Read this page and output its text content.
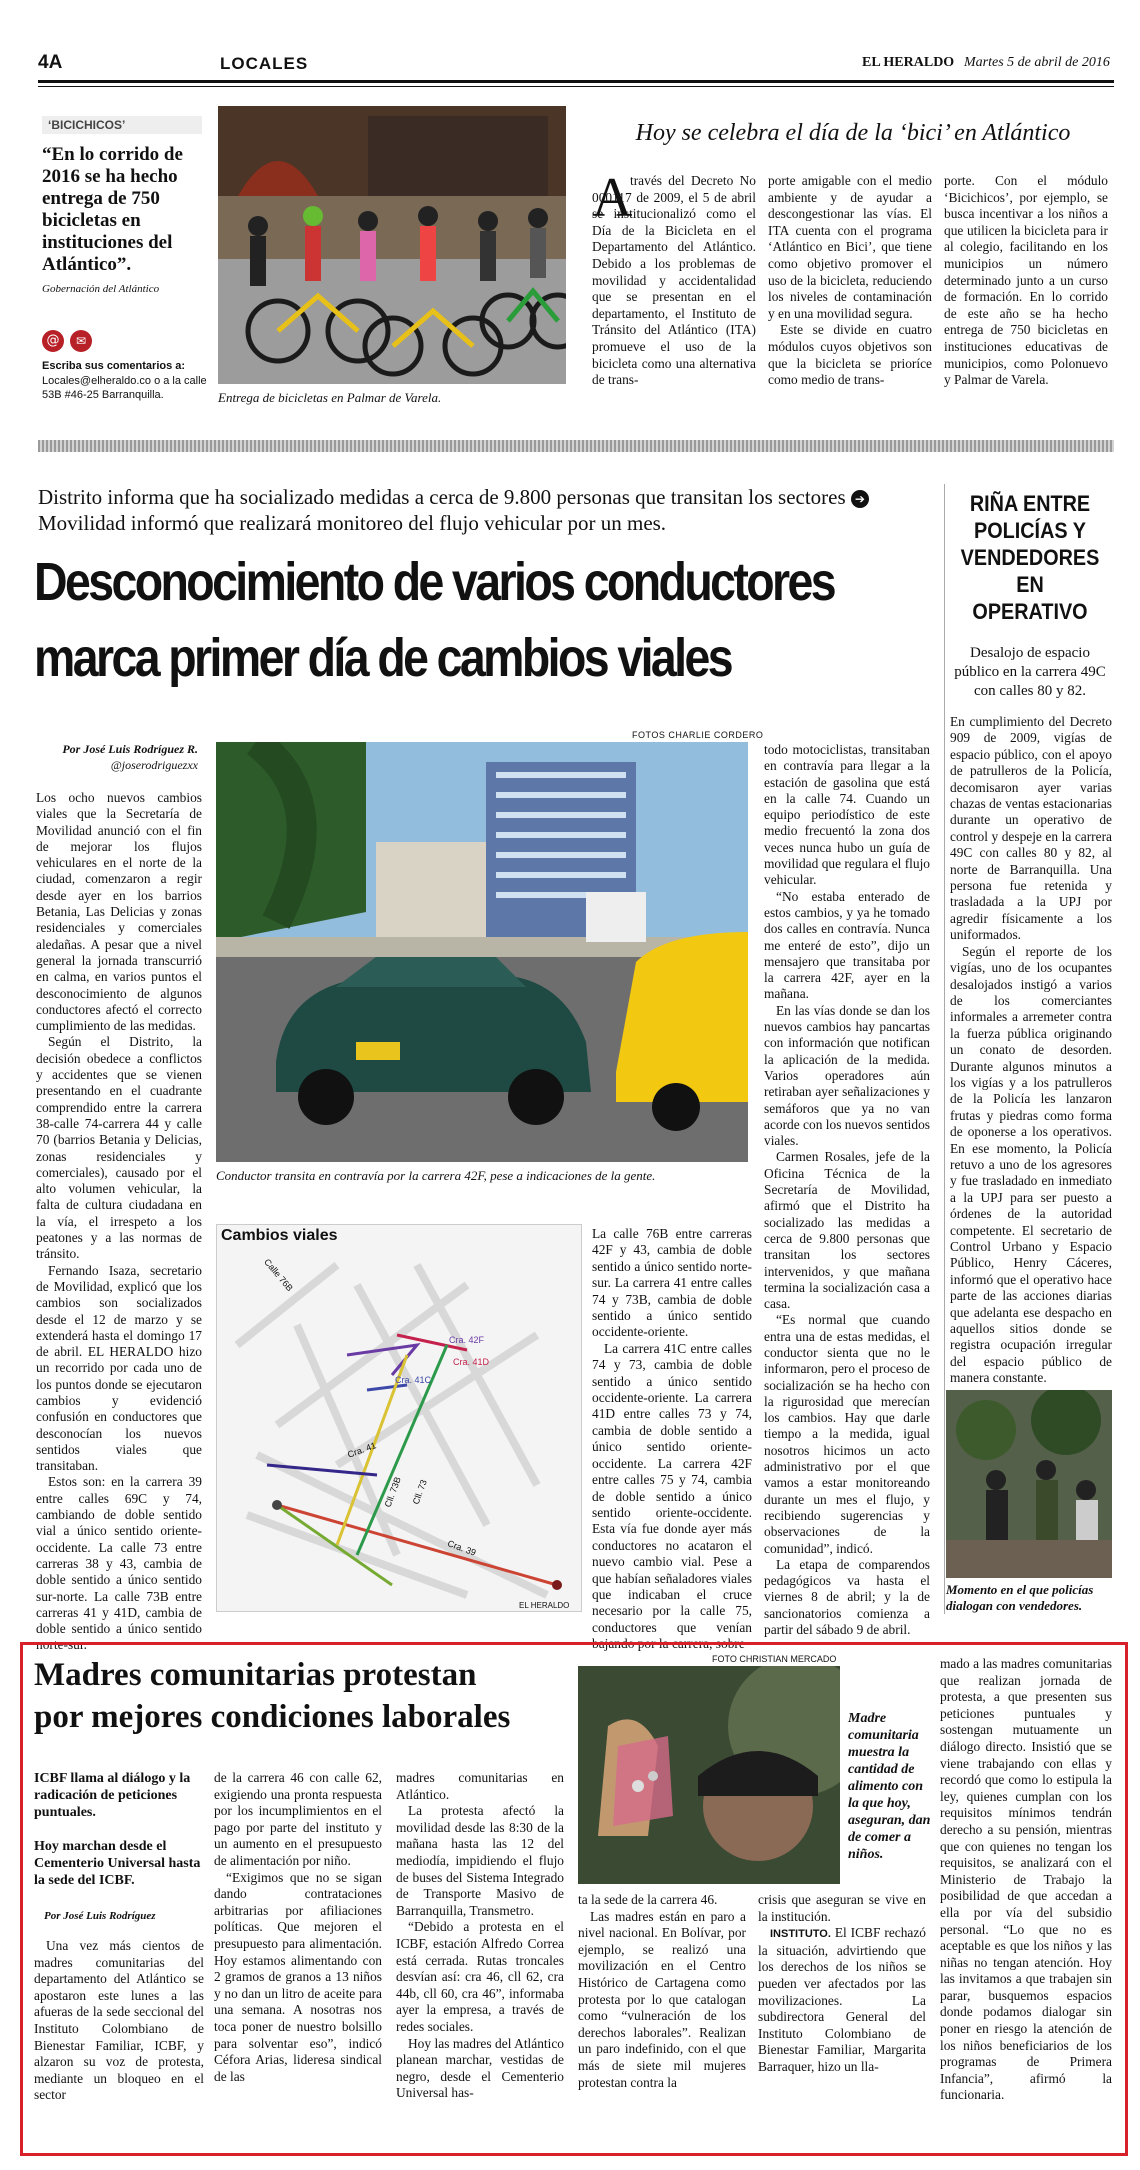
4A	LOCALES	EL HERALDO Martes 5 de abril de 2016
‘BICICHICOS’
“En lo corrido de 2016 se ha hecho entrega de 750 bicicletas en instituciones del Atlántico”.
Gobernación del Atlántico
@	✉
Escriba sus comentarios a:
Locales@elheraldo.co o a la calle 53B #46-25 Barranquilla.	Entrega de bicicletas en Palmar de Varela.
Hoy se celebra el día de la ‘bici’ en Atlántico
A

través del Decreto No 000117 de 2009, el 5 de abril se institucionalizó como el Día de la Bicicleta en el Departamento del Atlántico. Debido a los problemas de movilidad y accidentalidad que se presentan en el departamento, el Instituto de Tránsito del Atlántico (ITA) promueve el uso de la bicicleta como una alternativa de trans-

porte amigable con el medio ambiente y de ayudar a descongestionar las vías. El ITA cuenta con el programa ‘Atlántico en Bici’, que tiene como objetivo promover el uso de la bicicleta, reduciendo los niveles de contaminación y en una movilidad segura.

Este se divide en cuatro módulos cuyos objetivos son que la bicicleta se prioríce como medio de trans-

porte. Con el módulo ‘Bicichicos’, por ejemplo, se busca incentivar a los niños a que utilicen la bicicleta para ir al colegio, facilitando en los municipios un número determinado junto a un curso de formación. En lo corrido de este año se ha hecho entrega de 750 bicicletas en instituciones educativas de municipios, como Polonuevo y Palmar de Varela.

Distrito informa que ha socializado medidas a cerca de 9.800 personas que transitan los sectores ➔ Movilidad informó que realizará monitoreo del flujo vehicular por un mes.
Desconocimiento de varios conductores
marca primer día de cambios viales
Por José Luis Rodríguez R.
@joserodriguezxx

Los ocho nuevos cambios viales que la Secretaría de Movilidad anunció con el fin de mejorar los flujos vehiculares en el norte de la ciudad, comenzaron a regir desde ayer en los barrios Betania, Las Delicias y zonas residenciales y comerciales aledañas. A pesar que a nivel general la jornada transcurrió en calma, en varios puntos el desconocimiento de algunos conductores afectó el correcto cumplimiento de las medidas.

Según el Distrito, la decisión obedece a conflictos y accidentes que se vienen presentando en el cuadrante comprendido entre la carrera 38-calle 74-carrera 44 y calle 70 (barrios Betania y Delicias, zonas residenciales y comerciales), causado por el alto volumen vehicular, la falta de cultura ciudadana en la vía, el irrespeto a los peatones y a las normas de tránsito.

Fernando Isaza, secretario de Movilidad, explicó que los cambios son socializados desde el 12 de marzo y se extenderá hasta el domingo 17 de abril. EL HERALDO hizo un recorrido por cada uno de los puntos donde se ejecutaron cambios y evidenció confusión en conductores que desconocían los nuevos sentidos viales que transitaban.

Estos son: en la carrera 39 entre calles 69C y 74, cambiando de doble sentido vial a único sentido oriente-occidente. La calle 73 entre carreras 38 y 43, cambia de doble sentido a único sentido sur-norte. La calle 73B entre carreras 41 y 41D, cambia de doble sentido a único sentido norte-sur.

FOTOS CHARLIE CORDERO
Conductor transita en contravía por la carrera 42F, pese a indicaciones de la gente.
Cambios viales
Calle 76B
Cra. 42F
Cra. 41D
Cra. 41C
Cra. 41
Cll. 73B Cll. 73
Cra. 39
EL HERALDO

La calle 76B entre carreras 42F y 43, cambia de doble sentido a único sentido norte-sur. La carrera 41 entre calles 74 y 73B, cambia de doble sentido a único sentido occidente-oriente.

La carrera 41C entre calles 74 y 73, cambia de doble sentido a único sentido occidente-oriente. La carrera 41D entre calles 73 y 74, cambia de doble sentido a único sentido oriente-occidente. La carrera 42F entre calles 75 y 74, cambia de doble sentido a único sentido oriente-occidente. Esta vía fue donde ayer más conductores no acataron el nuevo cambio vial. Pese a que habían señaladores viales que indicaban el cruce necesario por la calle 75, conductores que venían bajando por la carrera, sobre

todo motociclistas, transitaban en contravía para llegar a la estación de gasolina que está en la calle 74. Cuando un equipo periodístico de este medio frecuentó la zona dos veces nunca hubo un guía de movilidad que regulara el flujo vehicular.

“No estaba enterado de estos cambios, y ya he tomado dos calles en contravía. Nunca me enteré de esto”, dijo un mensajero que transitaba por la carrera 42F, ayer en la mañana.

En las vías donde se dan los nuevos cambios hay pancartas con información que notifican la aplicación de la medida. Varios operadores aún retiraban ayer señalizaciones y semáforos que ya no van acorde con los nuevos sentidos viales.

Carmen Rosales, jefe de la Oficina Técnica de la Secretaría de Movilidad, afirmó que el Distrito ha socializado las medidas a cerca de 9.800 personas que transitan los sectores intervenidos, y que mañana termina la socialización casa a casa.

“Es normal que cuando entra una de estas medidas, el conductor sienta que no le informaron, pero el proceso de socialización se ha hecho con la rigurosidad que merecían los cambios. Hay que darle tiempo a la medida, igual nosotros hicimos un acto administrativo por el que vamos a estar monitoreando durante un mes el flujo, y recibiendo sugerencias y observaciones de la comunidad”, indicó.

La etapa de comparendos pedagógicos va hasta el viernes 8 de abril; y la de sancionatorios comienza a partir del sábado 9 de abril.

RIÑA ENTRE POLICÍAS Y VENDEDORES EN OPERATIVO
Desalojo de espacio público en la carrera 49C con calles 80 y 82.

En cumplimiento del Decreto 909 de 2009, vigías de espacio público, con el apoyo de patrulleros de la Policía, decomisaron ayer varias chazas de ventas estacionarias durante un operativo de control y despeje en la carrera 49C con calles 80 y 82, al norte de Barranquilla. Una persona fue retenida y trasladada a la UPJ por agredir físicamente a los uniformados.

Según el reporte de los vigías, uno de los ocupantes desalojados instigó a varios de los comerciantes informales a arremeter contra la fuerza pública originando un conato de desorden. Durante algunos minutos a los vigías y a los patrulleros de la Policía les lanzaron frutas y piedras como forma de oponerse a los operativos. En ese momento, la Policía retuvo a uno de los agresores y fue trasladado en inmediato a la UPJ para ser puesto a órdenes de la autoridad competente. El secretario de Control Urbano y Espacio Público, Henry Cáceres, informó que el operativo hace parte de las acciones diarias que adelanta ese despacho en aquellos sitios donde se registra ocupación irregular del espacio público de manera constante.

Momento en el que policías dialogan con vendedores.
Madres comunitarias protestan
por mejores condiciones laborales
ICBF llama al diálogo y la radicación de peticiones puntuales.
Hoy marchan desde el Cementerio Universal hasta la sede del ICBF.
Por José Luis Rodríguez

Una vez más cientos de madres comunitarias del departamento del Atlántico se apostaron este lunes a las afueras de la sede seccional del Instituto Colombiano de Bienestar Familiar, ICBF, y alzaron su voz de protesta, mediante un bloqueo en el sector

de la carrera 46 con calle 62, exigiendo una pronta respuesta por los incumplimientos en el pago por parte del instituto y un aumento en el presupuesto de alimentación por niño.

“Exigimos que no se sigan dando contrataciones arbitrarias por afiliaciones políticas. Que mejoren el presupuesto para alimentación. Hoy estamos alimentando con 2 gramos de granos a 13 niños y no dan un litro de aceite para una semana. A nosotras nos toca poner de nuestro bolsillo para solventar eso”, indicó Céfora Arias, lideresa sindical de las

madres comunitarias en Atlántico.

La protesta afectó la movilidad desde las 8:30 de la mañana hasta las 12 del mediodía, impidiendo el flujo de buses del Sistema Integrado de Transporte Masivo de Barranquilla, Transmetro.

“Debido a protesta en el ICBF, estación Alfredo Correa está cerrada. Rutas troncales desvían así: cra 46, cll 62, cra 44b, cll 60, cra 46”, informaba ayer la empresa, a través de redes sociales.

Hoy las madres del Atlántico planean marchar, vestidas de negro, desde el Cementerio Universal has-

FOTO CHRISTIAN MERCADO
Madre comunitaria muestra la cantidad de alimento con la que hoy, aseguran, dan de comer a niños.

ta la sede de la carrera 46.

Las madres están en paro a nivel nacional. En Bolívar, por ejemplo, se realizó una movilización en el Centro Histórico de Cartagena como protesta por lo que catalogan como “vulneración de los derechos laborales”. Realizan un paro indefinido, con el que más de siete mil mujeres protestan contra la

crisis que aseguran se vive en la institución.

INSTITUTO. El ICBF rechazó la situación, advirtiendo que los derechos de los niños se pueden ver afectados por las movilizaciones. La subdirectora General del Instituto Colombiano de Bienestar Familiar, Margarita Barraquer, hizo un lla-

mado a las madres comunitarias que realizan jornada de protesta, a que presenten sus peticiones puntuales y sostengan mutuamente un diálogo directo. Insistió que se viene trabajando con ellas y recordó que como lo estipula la ley, quienes cumplan con los requisitos mínimos tendrán derecho a su pensión, mientras que con quienes no tengan los requisitos, se analizará con el Ministerio de Trabajo la posibilidad de que accedan a ella por vía del subsidio personal. “Lo que no es aceptable es que los niños y las niñas no tengan atención. Hoy las invitamos a que trabajen sin parar, busquemos espacios donde podamos dialogar sin poner en riesgo la atención de los niños beneficiarios de los programas de Primera Infancia”, afirmó la funcionaria.
